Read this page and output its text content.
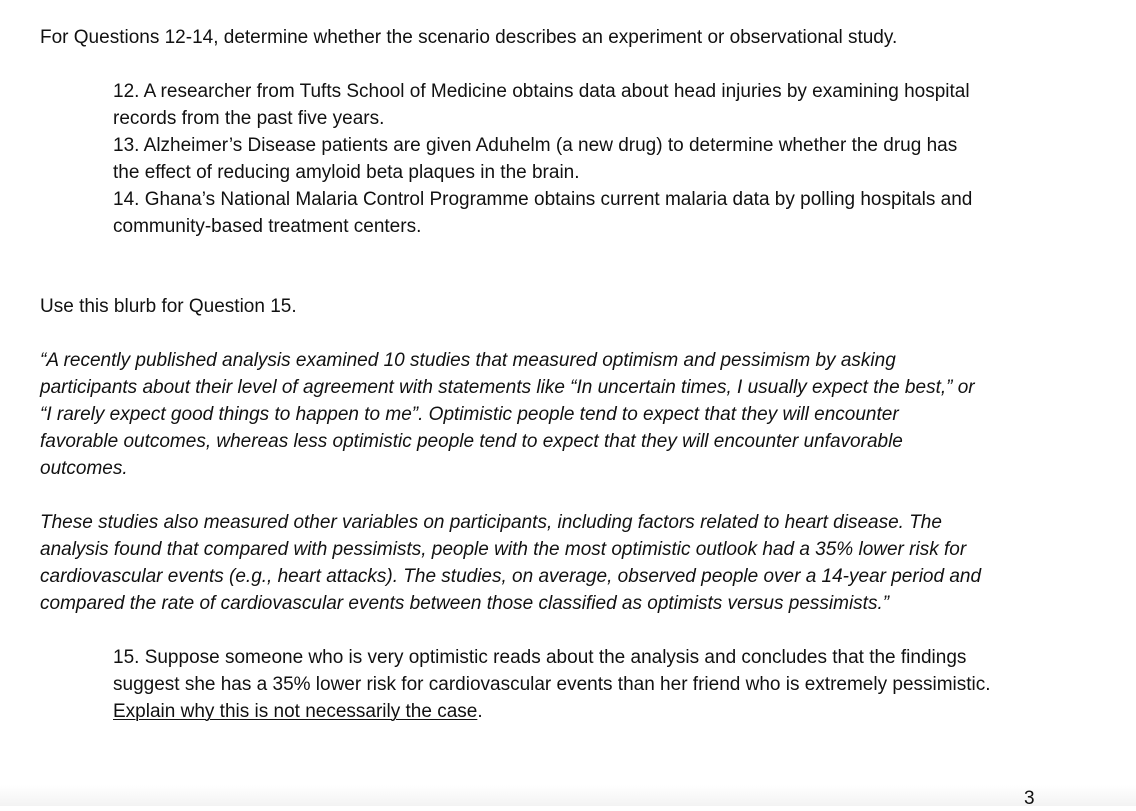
For Questions 12-14, determine whether the scenario describes an experiment or observational study.

12. A researcher from Tufts School of Medicine obtains data about head injuries by examining hospital
records from the past five years.
13. Alzheimer’s Disease patients are given Aduhelm (a new drug) to determine whether the drug has
the effect of reducing amyloid beta plaques in the brain.
14. Ghana’s National Malaria Control Programme obtains current malaria data by polling hospitals and
community-based treatment centers.

Use this blurb for Question 15.

“A recently published analysis examined 10 studies that measured optimism and pessimism by asking
participants about their level of agreement with statements like “In uncertain times, I usually expect the best,” or
“I rarely expect good things to happen to me”. Optimistic people tend to expect that they will encounter
favorable outcomes, whereas less optimistic people tend to expect that they will encounter unfavorable
outcomes.
These studies also measured other variables on participants, including factors related to heart disease. The
analysis found that compared with pessimists, people with the most optimistic outlook had a 35% lower risk for
cardiovascular events (e.g., heart attacks). The studies, on average, observed people over a 14-year period and
compared the rate of cardiovascular events between those classified as optimists versus pessimists.”
15. Suppose someone who is very optimistic reads about the analysis and concludes that the findings
suggest she has a 35% lower risk for cardiovascular events than her friend who is extremely pessimistic.
Explain why this is not necessarily the case.
3
